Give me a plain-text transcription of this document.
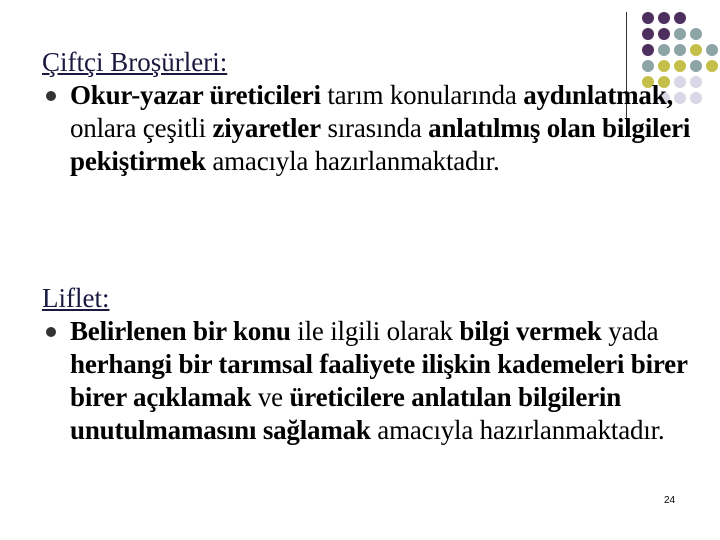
Çiftçi Broşürleri:
Okur-yazar üreticileri tarım konularında aydınlatmak, onlara çeşitli ziyaretler sırasında anlatılmış olan bilgileri pekiştirmek amacıyla hazırlanmaktadır.
Liflet:
Belirlenen bir konu ile ilgili olarak bilgi vermek yada herhangi bir tarımsal faaliyete ilişkin kademeleri birer birer açıklamak ve üreticilere anlatılan bilgilerin unutulmamasını sağlamak amacıyla hazırlanmaktadır.
24
